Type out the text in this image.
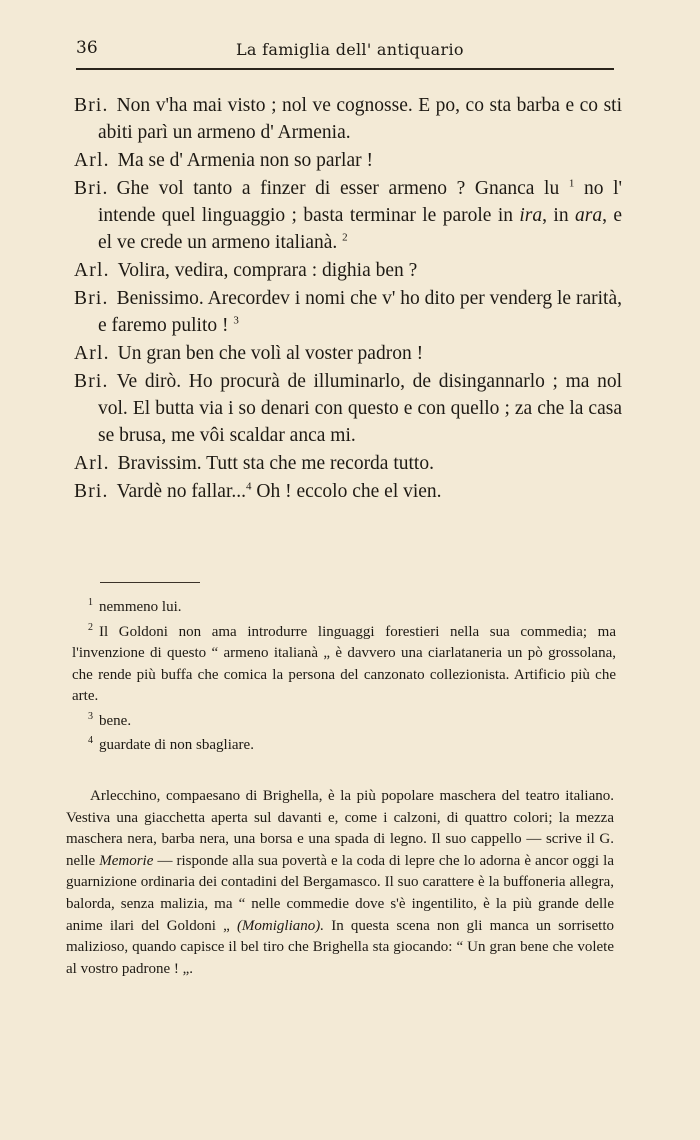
36	La famiglia dell' antiquario

Bri. Non v'ha mai visto ; nol ve cognosse. E po, co sta barba e co sti abiti parì un armeno d' Armenia.

Arl. Ma se d' Armenia non so parlar !

Bri. Ghe vol tanto a finzer di esser armeno ? Gnanca lu $^1$ no l' intende quel linguaggio ; basta terminar le parole in ira, in ara, e el ve crede un armeno italianà. $^2$

Arl. Volira, vedira, comprara : dighia ben ?

Bri. Benissimo. Arecordev i nomi che v' ho dito per venderg le rarità, e faremo pulito ! $^3$

Arl. Un gran ben che volì al voster padron !

Bri. Ve dirò. Ho procurà de illuminarlo, de disingannarlo ; ma nol vol. El butta via i so denari con questo e con quello ; za che la casa se brusa, me vôi scaldar anca mi.

Arl. Bravissim. Tutt sta che me recorda tutto.

Bri. Vardè no fallar...$^4$ Oh ! eccolo che el vien.

$^1$ nemmeno lui.

$^2$ Il Goldoni non ama introdurre linguaggi forestieri nella sua commedia; ma l'invenzione di questo “ armeno italianà „ è davvero una ciarlataneria un pò grossolana, che rende più buffa che comica la persona del canzonato collezionista. Artificio più che arte.

$^3$ bene.

$^4$ guardate di non sbagliare.

Arlecchino, compaesano di Brighella, è la più popolare maschera del teatro italiano. Vestiva una giacchetta aperta sul davanti e, come i calzoni, di quattro colori; la mezza maschera nera, barba nera, una borsa e una spada di legno. Il suo cappello — scrive il G. nelle Memorie — risponde alla sua povertà e la coda di lepre che lo adorna è ancor oggi la guarnizione ordinaria dei contadini del Bergamasco. Il suo carattere è la buffoneria allegra, balorda, senza malizia, ma “ nelle commedie dove s'è ingentilito, è la più grande delle anime ilari del Goldoni „ (Momigliano). In questa scena non gli manca un sorrisetto malizioso, quando capisce il bel tiro che Brighella sta giocando: “ Un gran bene che volete al vostro padrone ! „.
